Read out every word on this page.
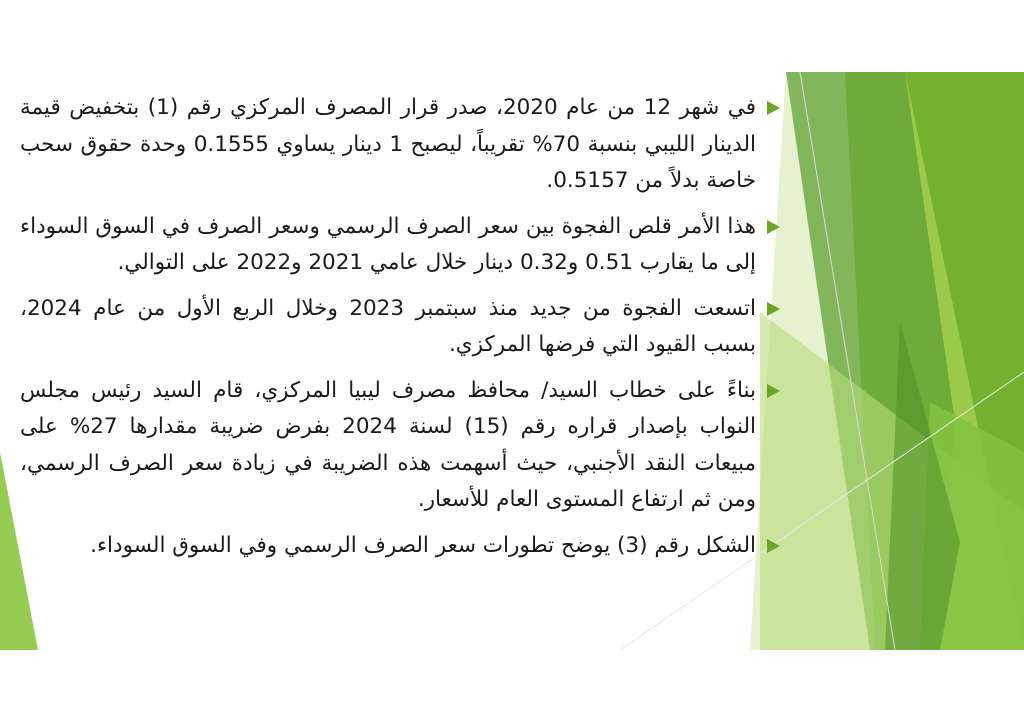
في شهر 12 من عام 2020، صدر قرار المصرف المركزي رقم (1) بتخفيض قيمة الدينار الليبي بنسبة 70% تقريباً، ليصبح 1 دينار يساوي 0.1555 وحدة حقوق سحب خاصة بدلاً من 0.5157.
هذا الأمر قلص الفجوة بين سعر الصرف الرسمي وسعر الصرف في السوق السوداء إلى ما يقارب 0.51 و0.32 دينار خلال عامي 2021 و2022 على التوالي.
اتسعت الفجوة من جديد منذ سبتمبر 2023 وخلال الربع الأول من عام 2024، بسبب القيود التي فرضها المركزي.
بناءً على خطاب السيد/ محافظ مصرف ليبيا المركزي، قام السيد رئيس مجلس النواب بإصدار قراره رقم (15) لسنة 2024 بفرض ضريبة مقدارها 27% على مبيعات النقد الأجنبي، حيث أسهمت هذه الضريبة في زيادة سعر الصرف الرسمي، ومن ثم ارتفاع المستوى العام للأسعار.
الشكل رقم (3) يوضح تطورات سعر الصرف الرسمي وفي السوق السوداء.
